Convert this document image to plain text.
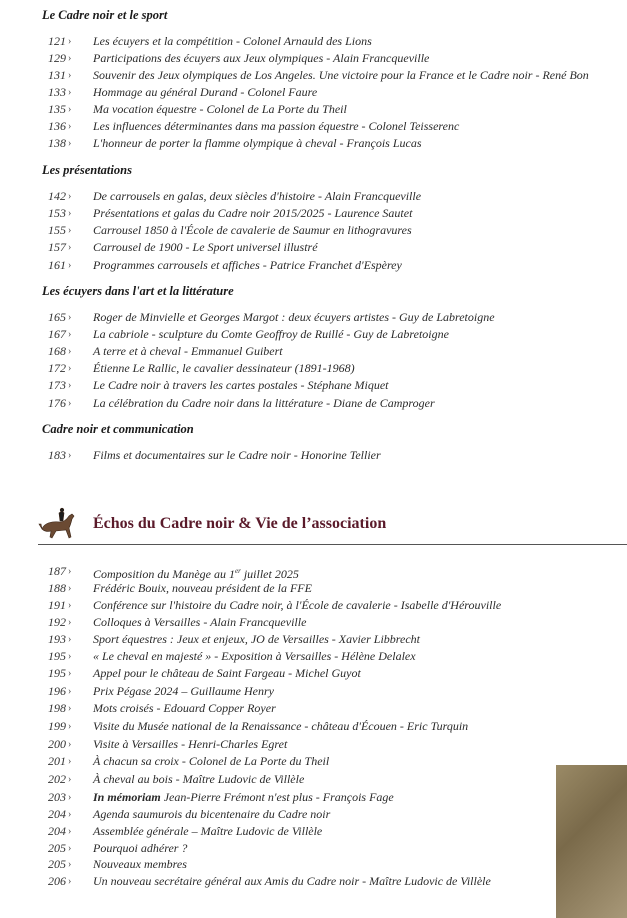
Le Cadre noir et le sport
121 › Les écuyers et la compétition - Colonel Arnauld des Lions
129 › Participations des écuyers aux Jeux olympiques - Alain Francqueville
131 › Souvenir des Jeux olympiques de Los Angeles. Une victoire pour la France et le Cadre noir - René Bon
133 › Hommage au général Durand - Colonel Faure
135 › Ma vocation équestre - Colonel de La Porte du Theil
136 › Les influences déterminantes dans ma passion équestre - Colonel Teisserenc
138 › L'honneur de porter la flamme olympique à cheval - François Lucas
Les présentations
142 › De carrousels en galas, deux siècles d'histoire - Alain Francqueville
153 › Présentations et galas du Cadre noir 2015/2025 - Laurence Sautet
155 › Carrousel 1850 à l'École de cavalerie de Saumur en lithogravures
157 › Carrousel de 1900 - Le Sport universel illustré
161 › Programmes carrousels et affiches - Patrice Franchet d'Espèrey
Les écuyers dans l'art et la littérature
165 › Roger de Minvielle et Georges Margot : deux écuyers artistes - Guy de Labretoigne
167 › La cabriole - sculpture du Comte Geoffroy de Ruillé - Guy de Labretoigne
168 › A terre et à cheval - Emmanuel Guibert
172 › Étienne Le Rallic, le cavalier dessinateur (1891-1968)
173 › Le Cadre noir à travers les cartes postales - Stéphane Miquet
176 › La célébration du Cadre noir dans la littérature - Diane de Camproger
Cadre noir et communication
183 › Films et documentaires sur le Cadre noir - Honorine Tellier
Échos du Cadre noir & Vie de l’association
187 › Composition du Manège au 1er juillet 2025
188 › Frédéric Bouix, nouveau président de la FFE
191 › Conférence sur l'histoire du Cadre noir, à l'École de cavalerie - Isabelle d'Hérouville
192 › Colloques à Versailles - Alain Francqueville
193 › Sport équestres : Jeux et enjeux, JO de Versailles - Xavier Libbrecht
195 › « Le cheval en majesté » - Exposition à Versailles - Hélène Delalex
195 › Appel pour le château de Saint Fargeau - Michel Guyot
196 › Prix Pégase 2024 – Guillaume Henry
198 › Mots croisés - Edouard Copper Royer
199 › Visite du Musée national de la Renaissance - château d'Écouen - Eric Turquin
200 › Visite à Versailles - Henri-Charles Egret
201 › À chacun sa croix - Colonel de La Porte du Theil
202 › À cheval au bois - Maître Ludovic de Villèle
203 › In mémoriam Jean-Pierre Frémont n'est plus - François Fage
204 › Agenda saumurois du bicentenaire du Cadre noir
204 › Assemblée générale – Maître Ludovic de Villèle
205 › Pourquoi adhérer ?
205 › Nouveaux membres
206 › Un nouveau secrétaire général aux Amis du Cadre noir - Maître Ludovic de Villèle
